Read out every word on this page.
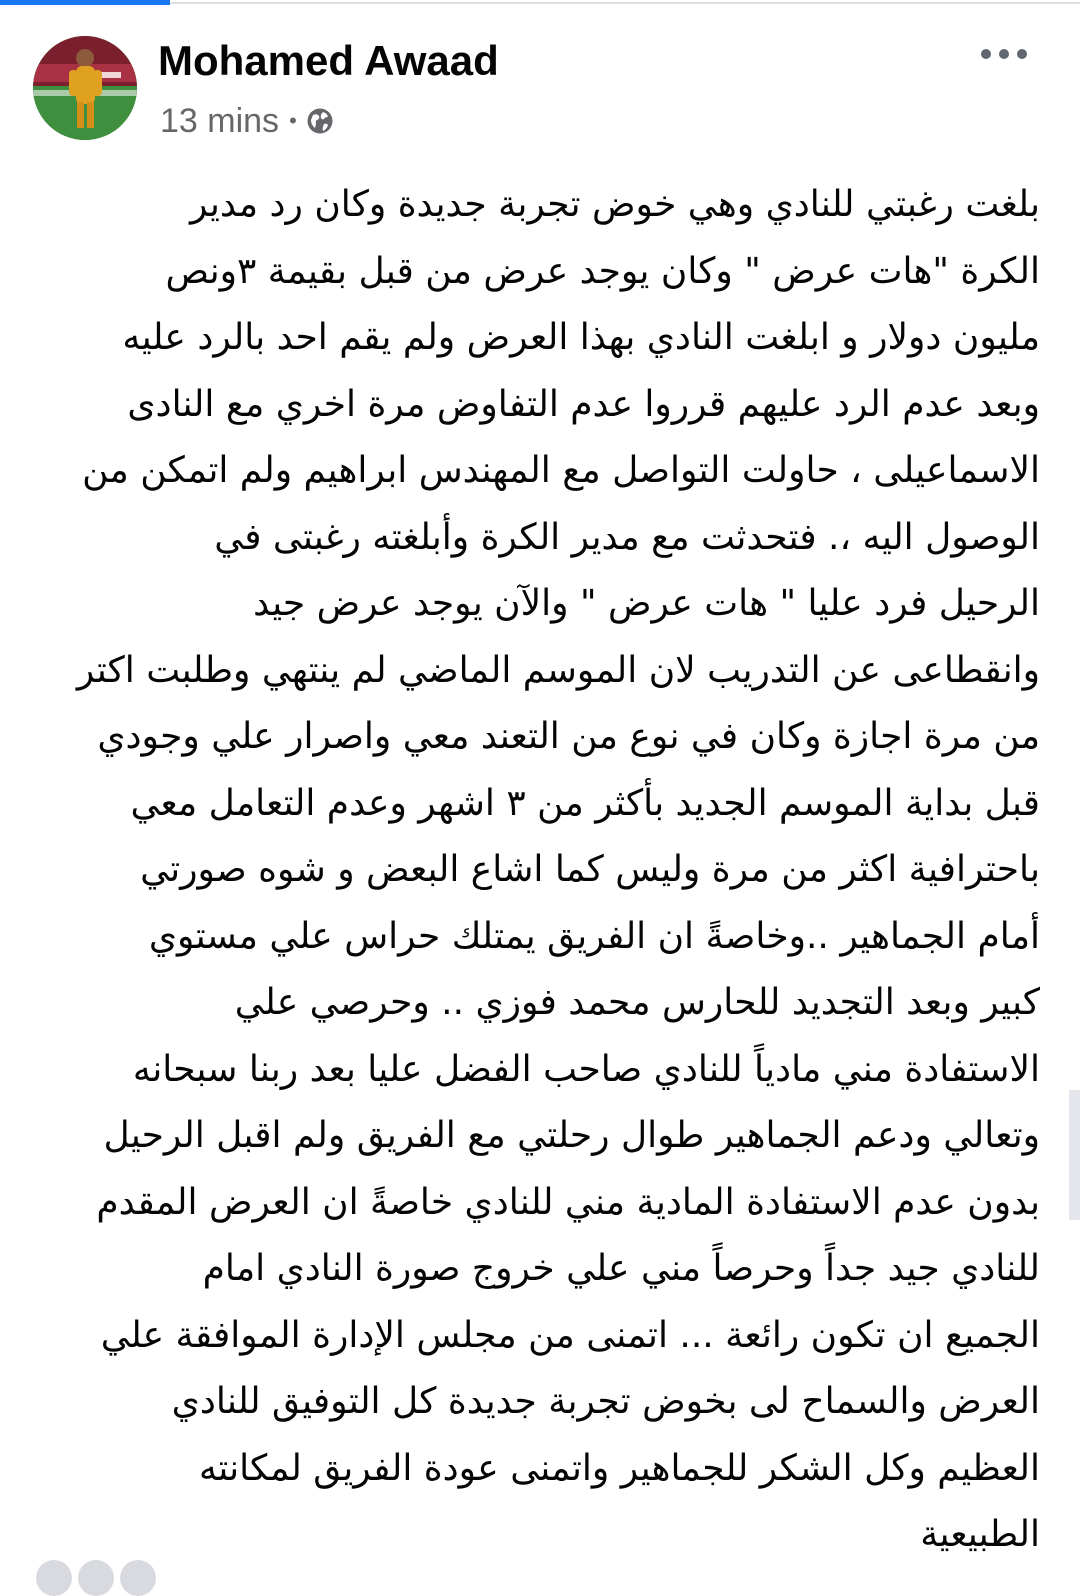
Mohamed Awaad
13 mins •
بلغت رغبتي للنادي وهي خوض تجربة جديدة وكان رد مدير
الكرة "هات عرض " وكان يوجد عرض من قبل بقيمة ٣ونص
مليون دولار و ابلغت النادي بهذا العرض ولم يقم احد بالرد عليه
وبعد عدم الرد عليهم قرروا عدم التفاوض مرة اخري مع النادى
الاسماعيلى ، حاولت التواصل مع المهندس ابراهيم ولم اتمكن من
الوصول اليه ،. فتحدثت مع مدير الكرة وأبلغته رغبتى في
الرحيل فرد عليا " هات عرض " والآن يوجد عرض جيد
وانقطاعى عن التدريب لان الموسم الماضي لم ينتهي وطلبت اكتر
من مرة اجازة وكان في نوع من التعند معي واصرار علي وجودي
قبل بداية الموسم الجديد بأكثر من ٣ اشهر وعدم التعامل معي
باحترافية اكثر من مرة وليس كما اشاع البعض و شوه صورتي
أمام الجماهير ..وخاصةً ان الفريق يمتلك حراس علي مستوي
كبير وبعد التجديد للحارس محمد فوزي .. وحرصي علي
الاستفادة مني مادياً للنادي صاحب الفضل عليا بعد ربنا سبحانه
وتعالي ودعم الجماهير طوال رحلتي مع الفريق ولم اقبل الرحيل
بدون عدم الاستفادة المادية مني للنادي خاصةً ان العرض المقدم
للنادي جيد جداً وحرصاً مني علي خروج صورة النادي امام
الجميع ان تكون رائعة ... اتمنى من مجلس الإدارة الموافقة علي
العرض والسماح لى بخوض تجربة جديدة كل التوفيق للنادي
العظيم وكل الشكر للجماهير واتمنى عودة الفريق لمكانته
الطبيعية
